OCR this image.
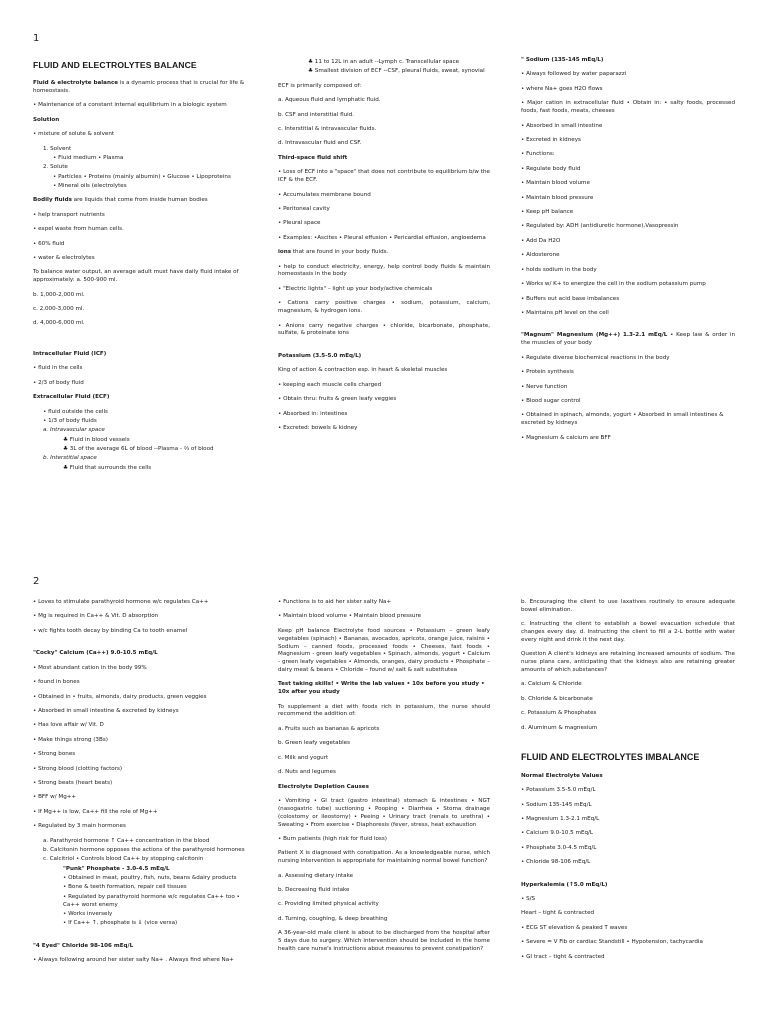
1
FLUID AND ELECTROLYTES BALANCE

Fluid & electrolyte balance is a dynamic process that is crucial for life & homeostasis.

• Maintenance of a constant internal equilibrium in a biologic system

Solution

• mixture of solute & solvent

1. Solvent

• Fluid medium • Plasma

2. Solute

• Particles • Proteins (mainly albumin) • Glucose • Lipoproteins

• Mineral oils (electrolytes

Bodily fluids are liquids that come from inside human bodies

• help transport nutrients

• expel waste from human cells.

• 60% fluid

• water & electrolytes

To balance water output, an average adult must have daily fluid intake of approximately: a. 500-900 ml.

b. 1,000-2,000 ml.

c. 2,000-3,000 ml.

d. 4,000-6,000 ml.

Intracellular Fluid (ICF)

• fluid in the cells

• 2/3 of body fluid

Extracellular Fluid (ECF)

• fluid outside the cells

• 1/3 of body fluids

a. Intravascular space

♣ Fluid in blood vessels

♣ 3L of the average 6L of blood --Plasma - ⅔ of blood

b. Interstitial space

♣ Fluid that surrounds the cells

♣ 11 to 12L in an adult --Lymph c. Transcellular space

♣ Smallest division of ECF --CSF, pleural fluids, sweat, synovial

ECF is primarily composed of:

a. Aqueous fluid and lymphatic fluid.

b. CSF and interstitial fluid.

c. Interstitial & intravascular fluids.

d. Intravascular fluid and CSF.

Third-space fluid shift

• Loss of ECF into a "space" that does not contribute to equilibrium b/w the ICF & the ECF.

• Accumulates membrane bound

• Peritoneal cavity

• Pleural space

• Examples: •Ascites • Pleural effusion • Pericardial effusion, angioedema

ions that are found in your body fluids.

• help to conduct electricity, energy, help control body fluids & maintain homeostasis in the body

• "Electric lights" – light up your body/active chemicals

• Cations carry positive charges • sodium, potassium, calcium, magnesium, & hydrogen ions.

• Anions carry negative charges • chloride, bicarbonate, phosphate, sulfate, & proteinate ions

Potassium (3.5-5.0 mEq/L)

King of action & contraction esp. in heart & skeletal muscles

• keeping each muscle cells charged

• Obtain thru: fruits & green leafy veggies

• Absorbed in: intestines

• Excreted: bowels & kidney

" Sodium (135-145 mEq/L)

• Always followed by water paparazzi

• where Na+ goes H2O flows

• Major cation in extracellular fluid • Obtain in: • salty foods, processed foods, fast foods, meats, cheeses

• Absorbed in small intestine

• Excreted in kidneys

• Functions:

• Regulate body fluid

• Maintain blood volume

• Maintain blood pressure

• Keep pH balance

• Regulated by: ADH (antidiuretic hormone),Vasopressin

• Add Da H2O

• Aldosterone

• holds sodium in the body

• Works w/ K+ to energize the cell in the sodium potassium pump

• Buffers out acid base imbalances

• Maintains pH level on the cell

"Magnum" Magnesium (Mg++) 1.3-2.1 mEq/L • Keep law & order in the muscles of your body

• Regulate diverse biochemical reactions in the body

• Protein synthesis

• Nerve function

• Blood sugar control

• Obtained in spinach, almonds, yogurt • Absorbed in small intestines & excreted by kidneys

• Magnesium & calcium are BFF

2

• Loves to stimulate parathyroid hormone w/c regulates Ca++

• Mg is required in Ca++ & Vit. D absorption

• w/c fights tooth decay by binding Ca to tooth enamel

"Cocky" Calcium (Ca++) 9.0-10.5 mEq/L

• Most abundant cation in the body 99%

• found in bones

• Obtained in • fruits, almonds, dairy products, green veggies

• Absorbed in small intestine & excreted by kidneys

• Has love affair w/ Vit. D

• Make things strong (3Bs)

• Strong bones

• Strong blood (clotting factors)

• Strong beats (heart beats)

• BFF w/ Mg++

• If Mg++ is low, Ca++ fill the role of Mg++

• Regulated by 3 main hormones

a. Parathyroid hormone ↑ Ca++ concentration in the blood

b. Calcitonin hormone opposes the actions of the parathyroid hormones

c. Calcitriol • Controls blood Ca++ by stopping calcitonin

"Punk" Phosphate - 3.0-4.5 mEq/L

• Obtained in meat, poultry, fish, nuts, beans &dairy products

• Bone & teeth formation, repair cell tissues

• Regulated by parathyroid hormone w/c regulates Ca++ too • Ca++ worst enemy

• Works inversely

• If Ca++ ↑, phosphate is ⇓ (vice versa)

"4 Eyed" Chloride 98-106 mEq/L

• Always following around her sister salty Na+ . Always find where Na+

• Functions is to aid her sister salty Na+

• Maintain blood volume • Maintain blood pressure

Keep pH balance Electrolyte food sources • Potassium – green leafy vegetables (spinach) • Bananas, avocados, apricots, orange juice, raisins • Sodium – canned foods, processed foods • Cheeses, fast foods • Magnesium - green leafy vegetables • Spinach, almonds, yogurt • Calcium - green leafy vegetables • Almonds, oranges, dairy products • Phosphate – dairy meat & beans • Chloride – found w/ salt & salt substitutea

Test taking skills! • Write the lab values • 10x before you study • 10x after you study

To supplement a diet with foods rich in potassium, the nurse should recommend the addition of:

a. Fruits such as bananas & apricots

b. Green leafy vegetables

c. Milk and yogurt

d. Nuts and legumes

Electrolyte Depletion Causes

• Vomiting • GI tract (gastro intestinal) stomach & intestines • NGT (nasogastric tube) suctioning • Pooping • Diarrhea • Stoma drainage (colostomy or ileostomy) • Peeing • Urinary tract (renals to urethra) • Sweating • From exercise • Diaphoresis (fever, stress, heat exhaustion

• Burn patients (high risk for fluid loss)

Patient X is diagnosed with constipation. As a knowledgeable nurse, which nursing intervention is appropriate for maintaining normal bowel function?

a. Assessing dietary intake

b. Decreasing fluid intake

c. Providing limited physical activity

d. Turning, coughing, & deep breathing

A 36-year-old male client is about to be discharged from the hospital after 5 days due to surgery. Which intervention should be included in the home health care nurse's instructions about measures to prevent constipation?

b. Encouraging the client to use laxatives routinely to ensure adequate bowel elimination.

c. Instructing the client to establish a bowel evacuation schedule that changes every day. d. Instructing the client to fill a 2-L bottle with water every night and drink it the next day.

Question A client's kidneys are retaining increased amounts of sodium. The nurse plans care, anticipating that the kidneys also are retaining greater amounts of which substances?

a. Calcium & Chloride

b. Chloride & bicarbonate

c. Potassium & Phosphates

d. Aluminum & magnesium

FLUID AND ELECTROLYTES IMBALANCE

Normal Electrolyte Values

• Potassium 3.5-5.0 mEq/L

• Sodium 135-145 mEq/L

• Magnesium 1.3-2.1 mEq/L

• Calcium 9.0-10.5 mEq/L

• Phosphate 3.0-4.5 mEq/L

• Chloride 98-106 mEq/L

Hyperkalemia (↑5.0 mEq/L)

• S/S

Heart – tight & contracted

• ECG ST elevation & peaked T waves

• Severe = V Fib or cardiac Standstill • Hypotension, tachycardia

• GI tract – tight & contracted
